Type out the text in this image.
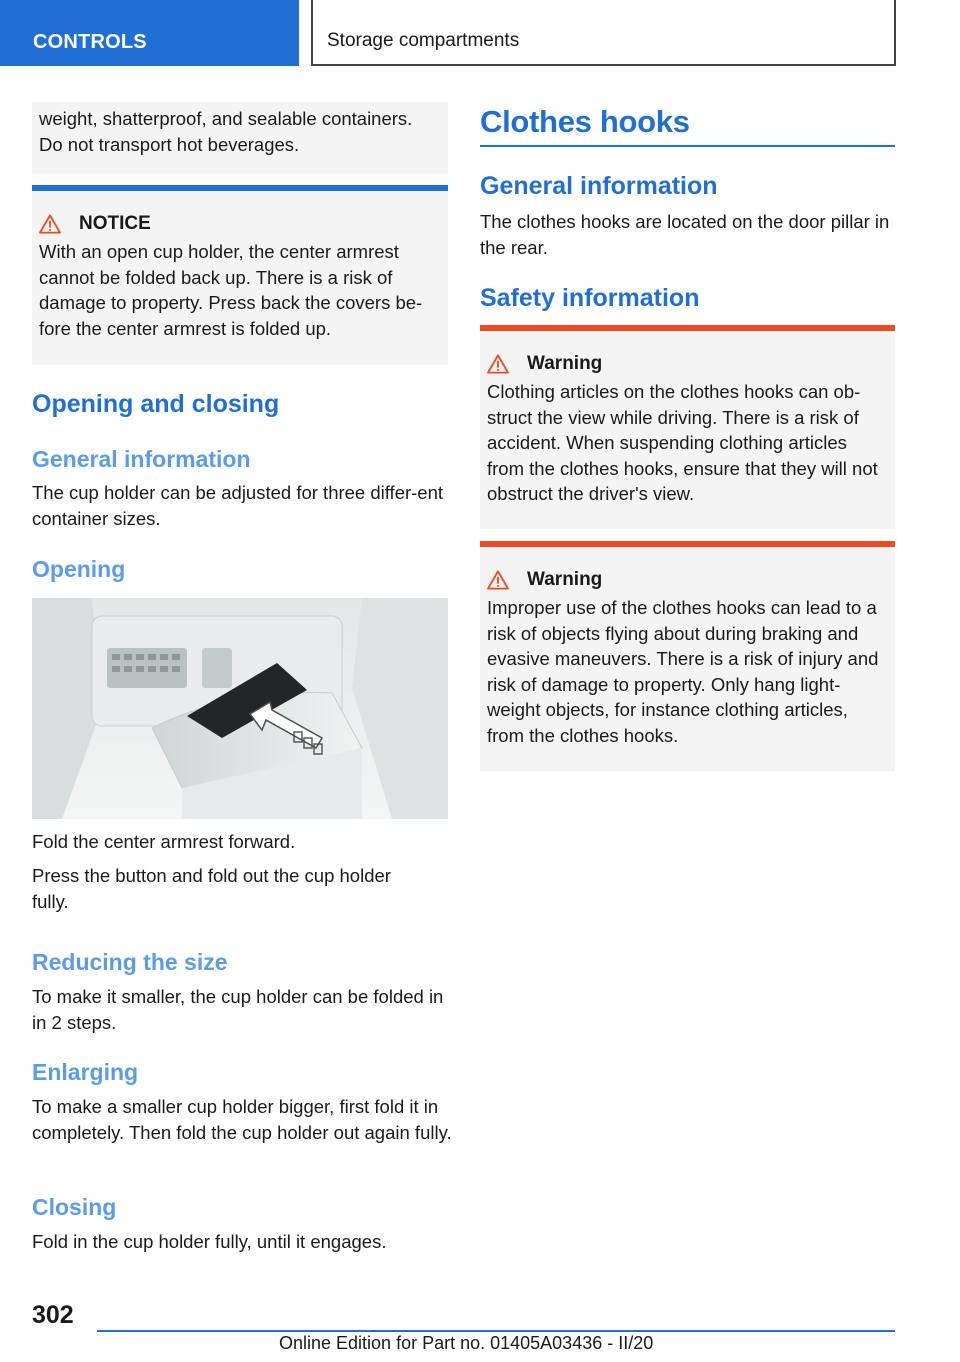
CONTROLS	Storage compartments

weight, shatterproof, and sealable containers. Do not transport hot beverages.

NOTICE

With an open cup holder, the center armrest cannot be folded back up. There is a risk of damage to property. Press back the covers be-fore the center armrest is folded up.

Opening and closing
General information
The cup holder can be adjusted for three differ-ent container sizes.
Opening
Fold the center armrest forward.
Press the button and fold out the cup holder fully.
Reducing the size
To make it smaller, the cup holder can be folded in in 2 steps.
Enlarging
To make a smaller cup holder bigger, first fold it in completely. Then fold the cup holder out again fully.
Closing
Fold in the cup holder fully, until it engages.
Clothes hooks
General information
The clothes hooks are located on the door pillar in the rear.
Safety information
Warning

Clothing articles on the clothes hooks can ob-struct the view while driving. There is a risk of accident. When suspending clothing articles from the clothes hooks, ensure that they will not obstruct the driver's view.

Warning

Improper use of the clothes hooks can lead to a risk of objects flying about during braking and evasive maneuvers. There is a risk of injury and risk of damage to property. Only hang light-weight objects, for instance clothing articles, from the clothes hooks.

302
Online Edition for Part no. 01405A03436 - II/20
